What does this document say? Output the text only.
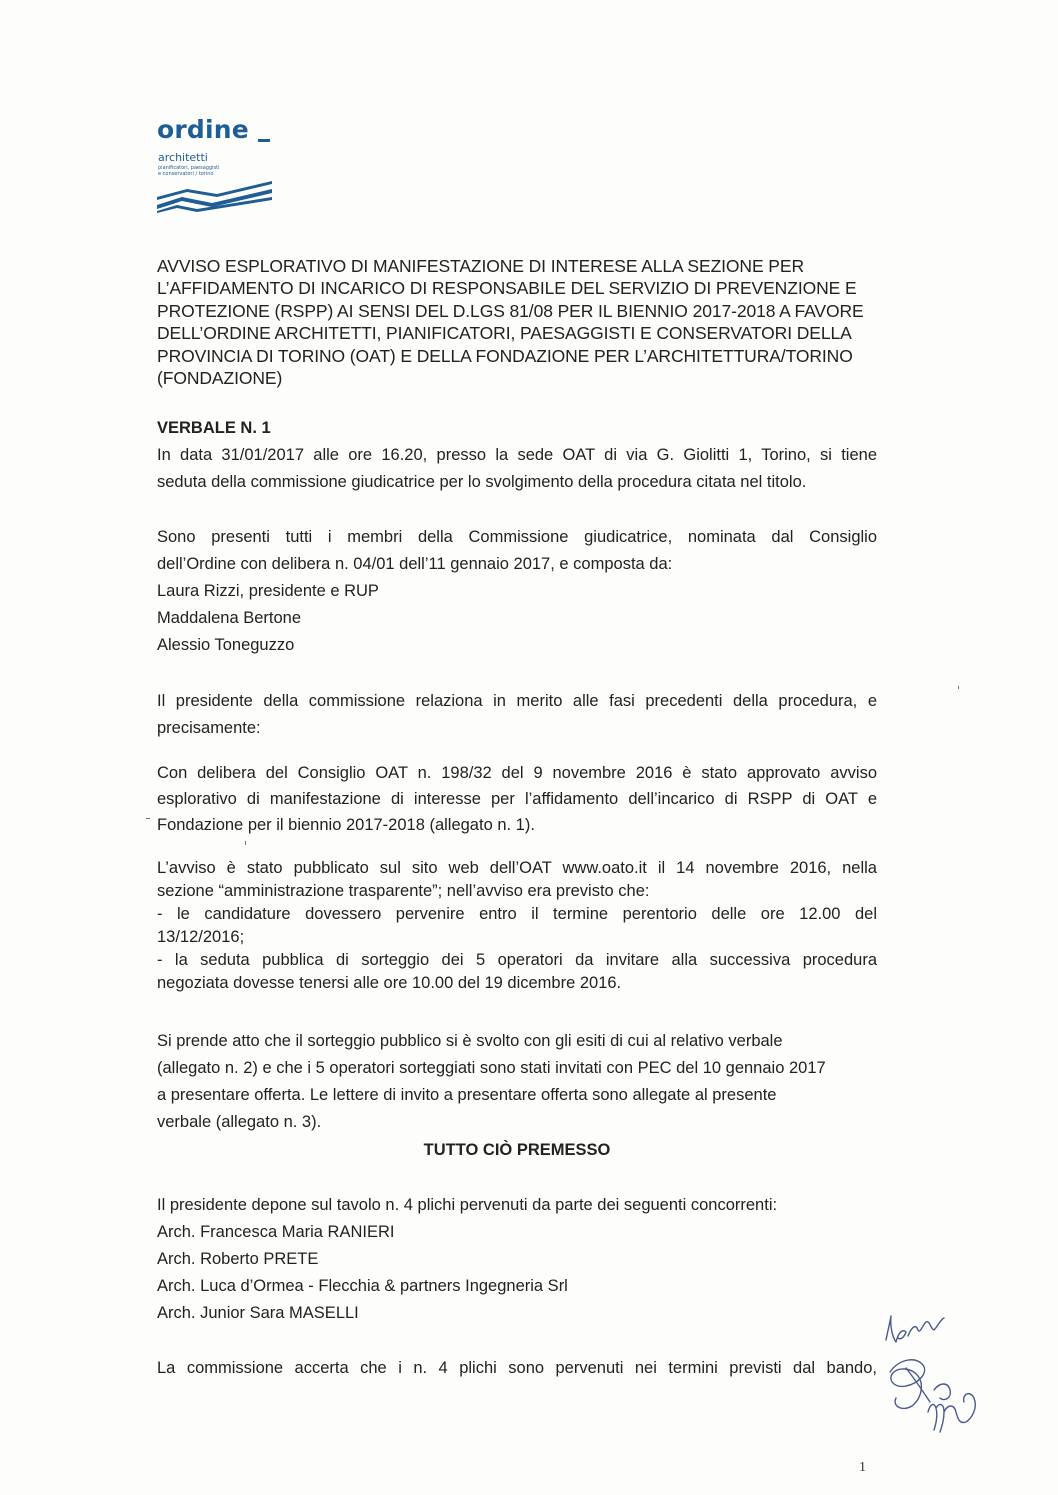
ordine
architetti
pianificatori, paesaggisti
e conservatori / torino
AVVISO ESPLORATIVO DI MANIFESTAZIONE DI INTERESE ALLA SEZIONE PER
L’AFFIDAMENTO DI INCARICO DI RESPONSABILE DEL SERVIZIO DI PREVENZIONE E
PROTEZIONE (RSPP) AI SENSI DEL D.LGS 81/08 PER IL BIENNIO 2017-2018 A FAVORE
DELL’ORDINE ARCHITETTI, PIANIFICATORI, PAESAGGISTI E CONSERVATORI DELLA
PROVINCIA DI TORINO (OAT) E DELLA FONDAZIONE PER L’ARCHITETTURA/TORINO
(FONDAZIONE)
VERBALE N. 1
In data 31/01/2017 alle ore 16.20, presso la sede OAT di via G. Giolitti 1, Torino, si tiene
seduta della commissione giudicatrice per lo svolgimento della procedura citata nel titolo.
Sono presenti tutti i membri della Commissione giudicatrice, nominata dal Consiglio
dell’Ordine con delibera n. 04/01 dell’11 gennaio 2017, e composta da:
Laura Rizzi, presidente e RUP
Maddalena Bertone
Alessio Toneguzzo
Il presidente della commissione relaziona in merito alle fasi precedenti della procedura, e
precisamente:
Con delibera del Consiglio OAT n. 198/32 del 9 novembre 2016 è stato approvato avviso
esplorativo di manifestazione di interesse per l’affidamento dell’incarico di RSPP di OAT e
Fondazione per il biennio 2017-2018 (allegato n. 1).
L’avviso è stato pubblicato sul sito web dell’OAT www.oato.it il 14 novembre 2016, nella
sezione “amministrazione trasparente”; nell’avviso era previsto che:
- le candidature dovessero pervenire entro il termine perentorio delle ore 12.00 del
13/12/2016;
- la seduta pubblica di sorteggio dei 5 operatori da invitare alla successiva procedura
negoziata dovesse tenersi alle ore 10.00 del 19 dicembre 2016.
Si prende atto che il sorteggio pubblico si è svolto con gli esiti di cui al relativo verbale
(allegato n. 2) e che i 5 operatori sorteggiati sono stati invitati con PEC del 10 gennaio 2017
a presentare offerta. Le lettere di invito a presentare offerta sono allegate al presente
verbale (allegato n. 3).
TUTTO CIÒ PREMESSO
Il presidente depone sul tavolo n. 4 plichi pervenuti da parte dei seguenti concorrenti:
Arch. Francesca Maria RANIERI
Arch. Roberto PRETE
Arch. Luca d’Ormea - Flecchia & partners Ingegneria Srl
Arch. Junior Sara MASELLI
La commissione accerta che i n. 4 plichi sono pervenuti nei termini previsti dal bando,
1
